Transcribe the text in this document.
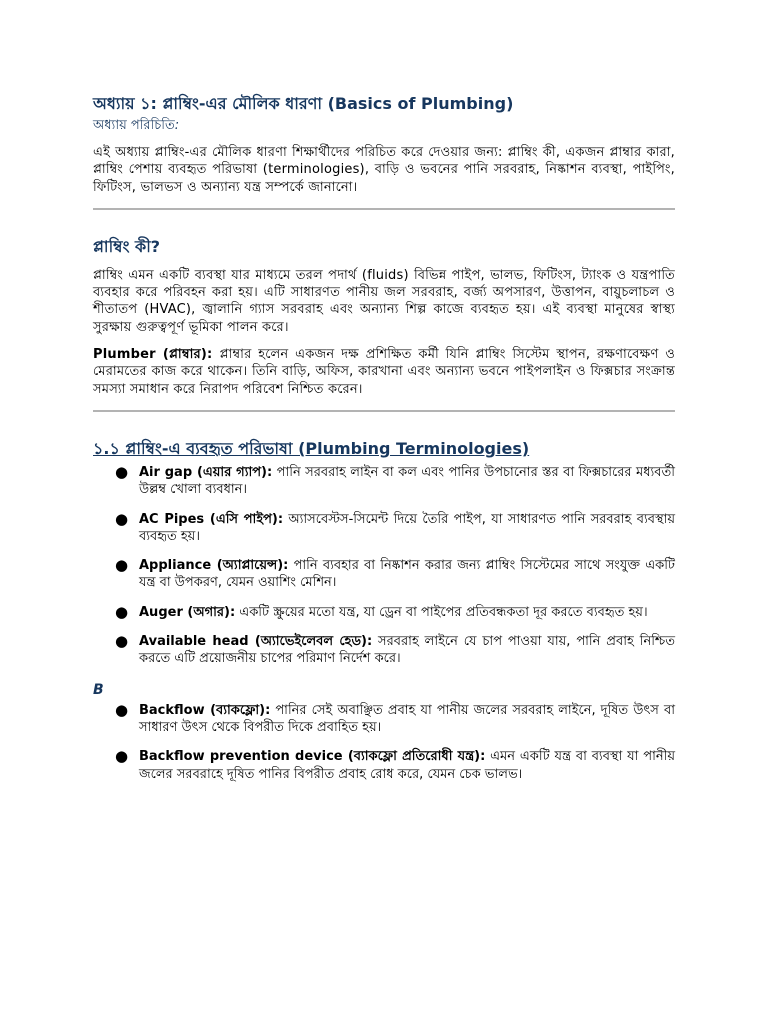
অধ্যায় ১: প্লাম্বিং-এর মৌলিক ধারণা (Basics of Plumbing)
অধ্যায় পরিচিতি:

এই অধ্যায় প্লাম্বিং-এর মৌলিক ধারণা শিক্ষার্থীদের পরিচিত করে দেওয়ার জন্য: প্লাম্বিং কী, একজন প্লাম্বার কারা, প্লাম্বিং পেশায় ব্যবহৃত পরিভাষা (terminologies), বাড়ি ও ভবনের পানি সরবরাহ, নিষ্কাশন ব্যবস্থা, পাইপিং, ফিটিংস, ভালভস ও অন্যান্য যন্ত্র সম্পর্কে জানানো।

প্লাম্বিং কী?

প্লাম্বিং এমন একটি ব্যবস্থা যার মাধ্যমে তরল পদার্থ (fluids) বিভিন্ন পাইপ, ভালভ, ফিটিংস, ট্যাংক ও যন্ত্রপাতি ব্যবহার করে পরিবহন করা হয়। এটি সাধারণত পানীয় জল সরবরাহ, বর্জ্য অপসারণ, উত্তাপন, বায়ুচলাচল ও শীতাতপ (HVAC), জ্বালানি গ্যাস সরবরাহ এবং অন্যান্য শিল্প কাজে ব্যবহৃত হয়। এই ব্যবস্থা মানুষের স্বাস্থ্য সুরক্ষায় গুরুত্বপূর্ণ ভূমিকা পালন করে।

Plumber (প্লাম্বার): প্লাম্বার হলেন একজন দক্ষ প্রশিক্ষিত কর্মী যিনি প্লাম্বিং সিস্টেম স্থাপন, রক্ষণাবেক্ষণ ও মেরামতের কাজ করে থাকেন। তিনি বাড়ি, অফিস, কারখানা এবং অন্যান্য ভবনে পাইপলাইন ও ফিক্সচার সংক্রান্ত সমস্যা সমাধান করে নিরাপদ পরিবেশ নিশ্চিত করেন।

১.১ প্লাম্বিং-এ ব্যবহৃত পরিভাষা (Plumbing Terminologies)
● Air gap (এয়ার গ্যাপ): পানি সরবরাহ লাইন বা কল এবং পানির উপচানোর স্তর বা ফিক্সচারের মধ্যবর্তী উল্লম্ব খোলা ব্যবধান।
● AC Pipes (এসি পাইপ): অ্যাসবেস্টস-সিমেন্ট দিয়ে তৈরি পাইপ, যা সাধারণত পানি সরবরাহ ব্যবস্থায় ব্যবহৃত হয়।
● Appliance (অ্যাপ্লায়েন্স): পানি ব্যবহার বা নিষ্কাশন করার জন্য প্লাম্বিং সিস্টেমের সাথে সংযুক্ত একটি যন্ত্র বা উপকরণ, যেমন ওয়াশিং মেশিন।
● Auger (অগার): একটি স্ক্রুয়ের মতো যন্ত্র, যা ড্রেন বা পাইপের প্রতিবন্ধকতা দূর করতে ব্যবহৃত হয়।
● Available head (অ্যাভেইলেবল হেড): সরবরাহ লাইনে যে চাপ পাওয়া যায়, পানি প্রবাহ নিশ্চিত করতে এটি প্রয়োজনীয় চাপের পরিমাণ নির্দেশ করে।
B
● Backflow (ব্যাকফ্লো): পানির সেই অবাঞ্ছিত প্রবাহ যা পানীয় জলের সরবরাহ লাইনে, দূষিত উৎস বা সাধারণ উৎস থেকে বিপরীত দিকে প্রবাহিত হয়।
● Backflow prevention device (ব্যাকফ্লো প্রতিরোধী যন্ত্র): এমন একটি যন্ত্র বা ব্যবস্থা যা পানীয় জলের সরবরাহে দূষিত পানির বিপরীত প্রবাহ রোধ করে, যেমন চেক ভালভ।
